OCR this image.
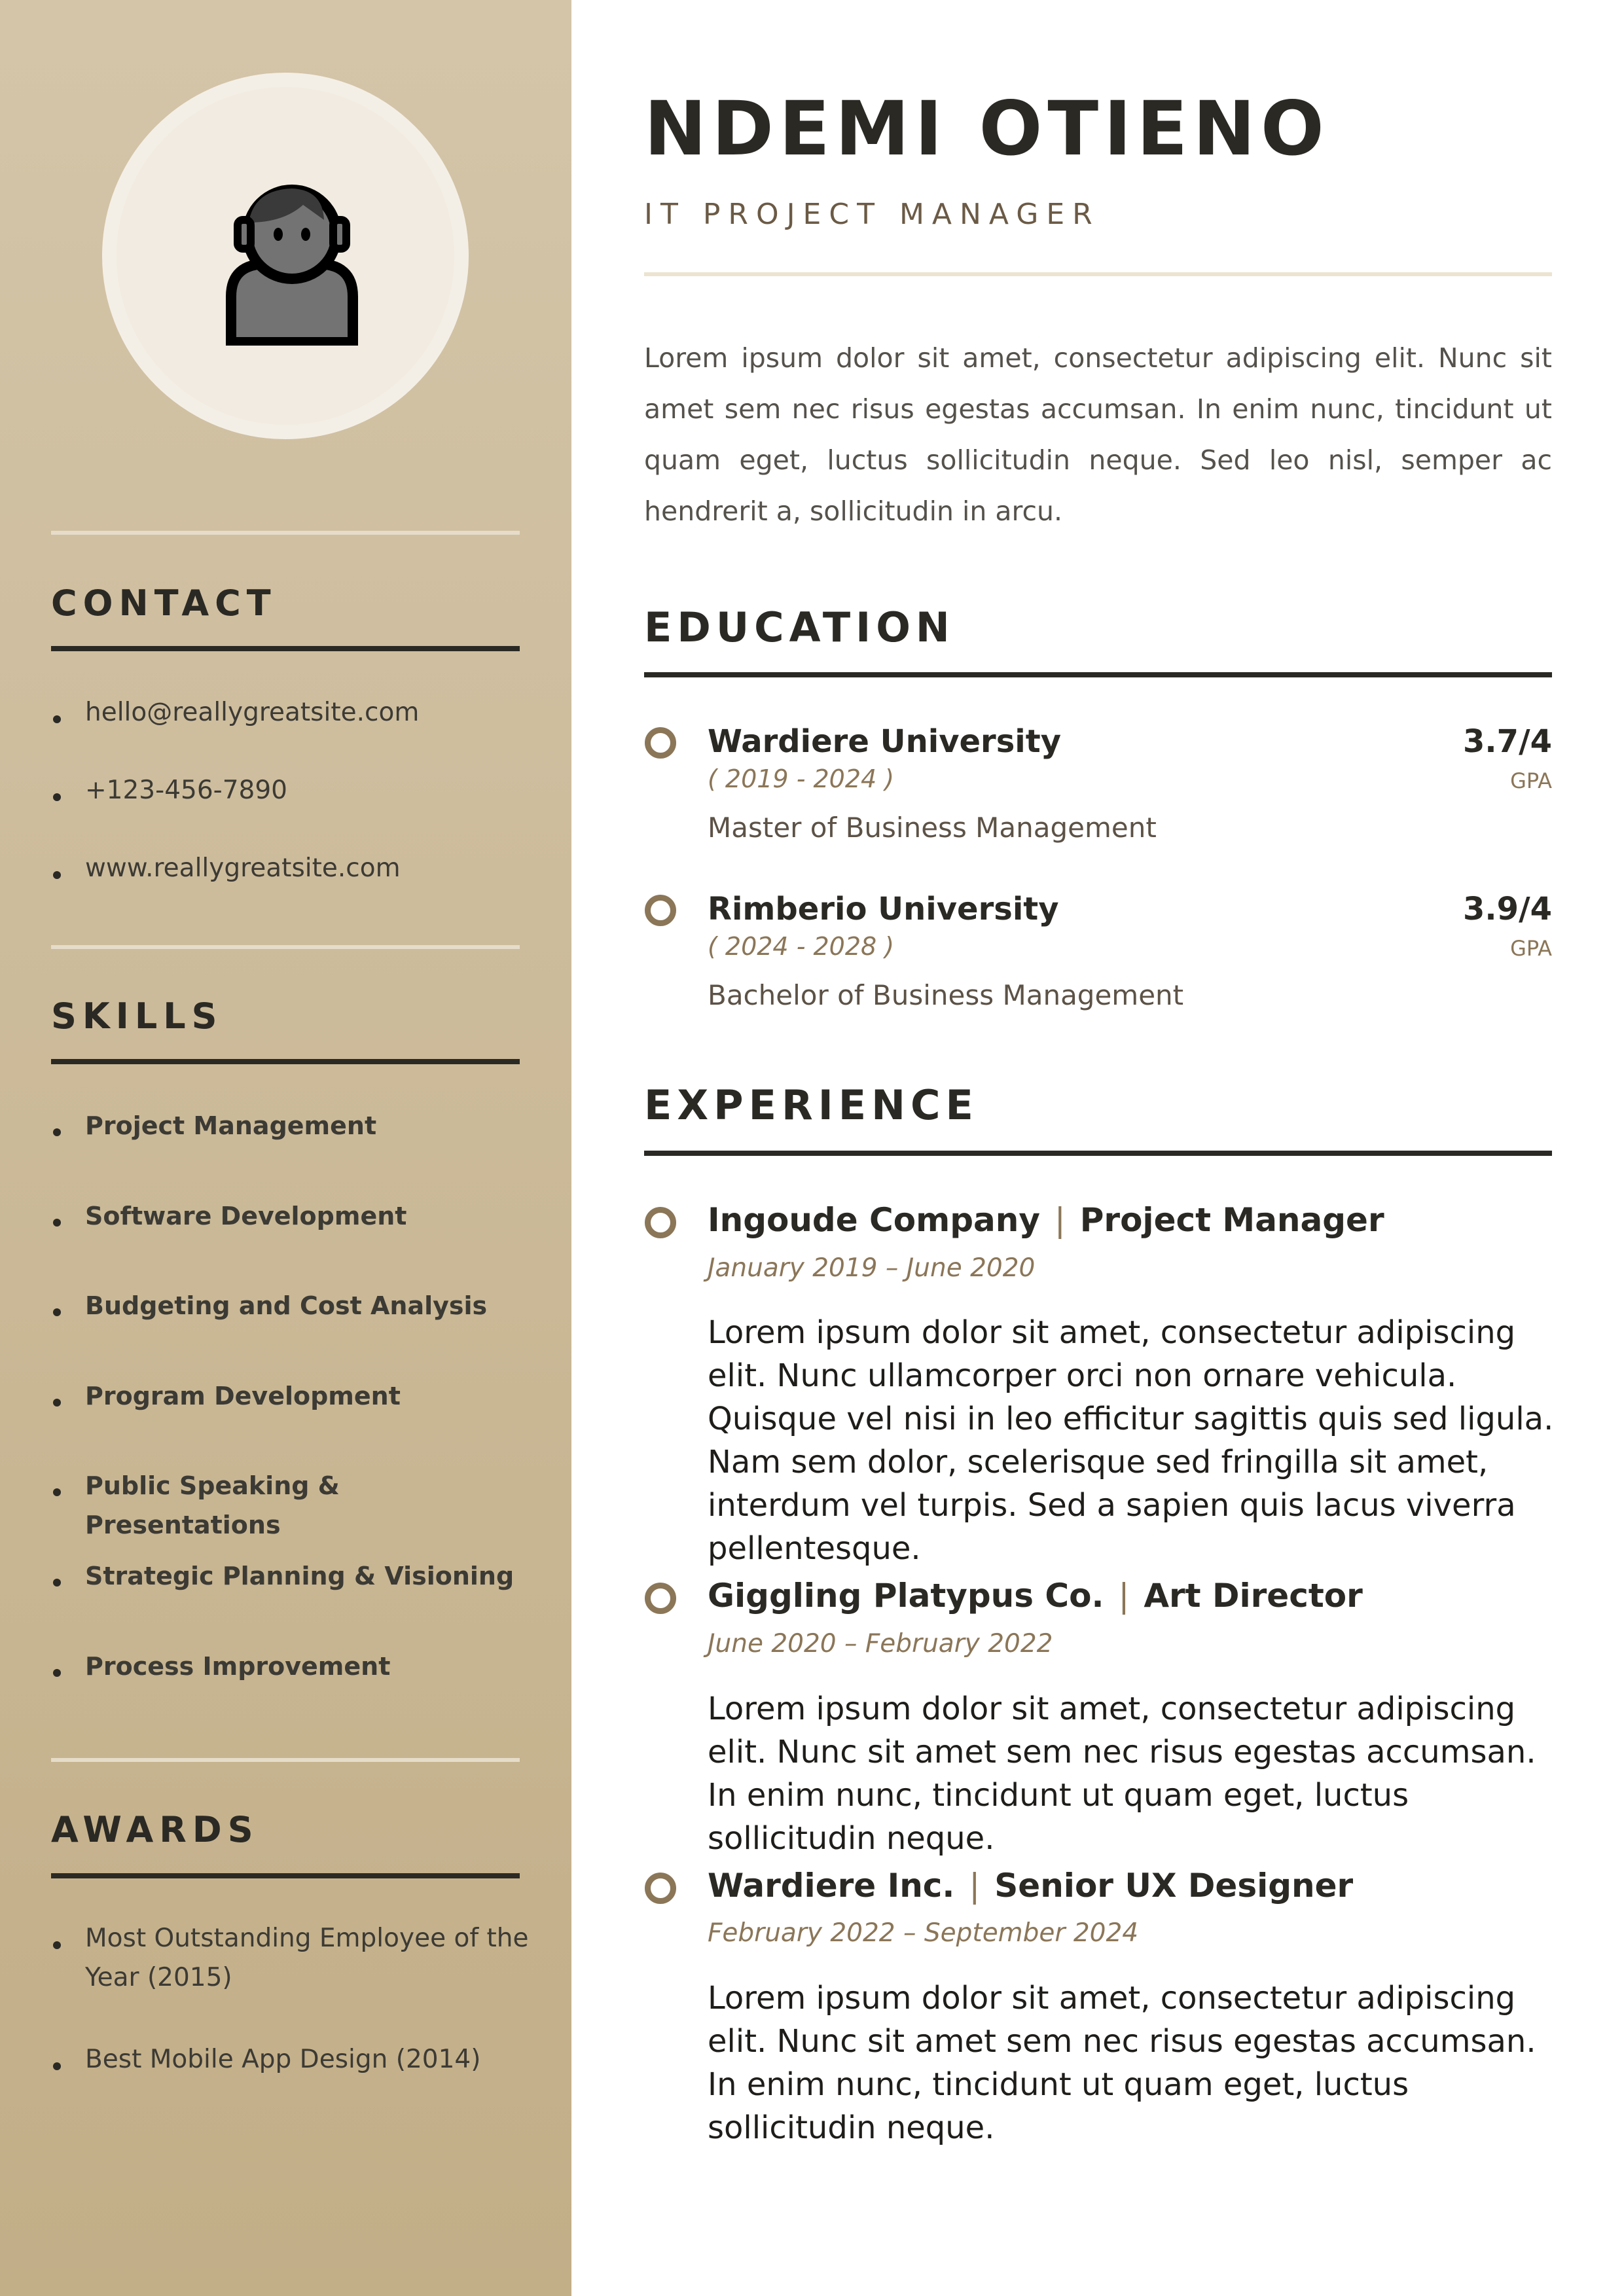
CONTACT
hello@reallygreatsite.com
+123-456-7890
www.reallygreatsite.com
SKILLS
Project Management
Software Development
Budgeting and Cost Analysis
Program Development
Public Speaking & Presentations
Strategic Planning & Visioning
Process Improvement
AWARDS
Most Outstanding Employee of the Year (2015)
Best Mobile App Design (2014)
NDEMI OTIENO
IT PROJECT MANAGER
Lorem ipsum dolor sit amet, consectetur adipiscing elit. Nunc sit amet sem nec risus egestas accumsan. In enim nunc, tincidunt ut quam eget, luctus sollicitudin neque. Sed leo nisl, semper ac hendrerit a, sollicitudin in arcu.
EDUCATION
Wardiere University	3.7/4
( 2019 - 2024 )	GPA
Master of Business Management
Rimberio University	3.9/4
( 2024 - 2028 )	GPA
Bachelor of Business Management
EXPERIENCE
Ingoude Company | Project Manager
January 2019 – June 2020
Lorem ipsum dolor sit amet, consectetur adipiscing elit. Nunc ullamcorper orci non ornare vehicula. Quisque vel nisi in leo efficitur sagittis quis sed ligula. Nam sem dolor, scelerisque sed fringilla sit amet, interdum vel turpis. Sed a sapien quis lacus viverra pellentesque.
Giggling Platypus Co. | Art Director
June 2020 – February 2022
Lorem ipsum dolor sit amet, consectetur adipiscing elit. Nunc sit amet sem nec risus egestas accumsan. In enim nunc, tincidunt ut quam eget, luctus sollicitudin neque.
Wardiere Inc. | Senior UX Designer
February 2022 – September 2024
Lorem ipsum dolor sit amet, consectetur adipiscing elit. Nunc sit amet sem nec risus egestas accumsan. In enim nunc, tincidunt ut quam eget, luctus sollicitudin neque.
